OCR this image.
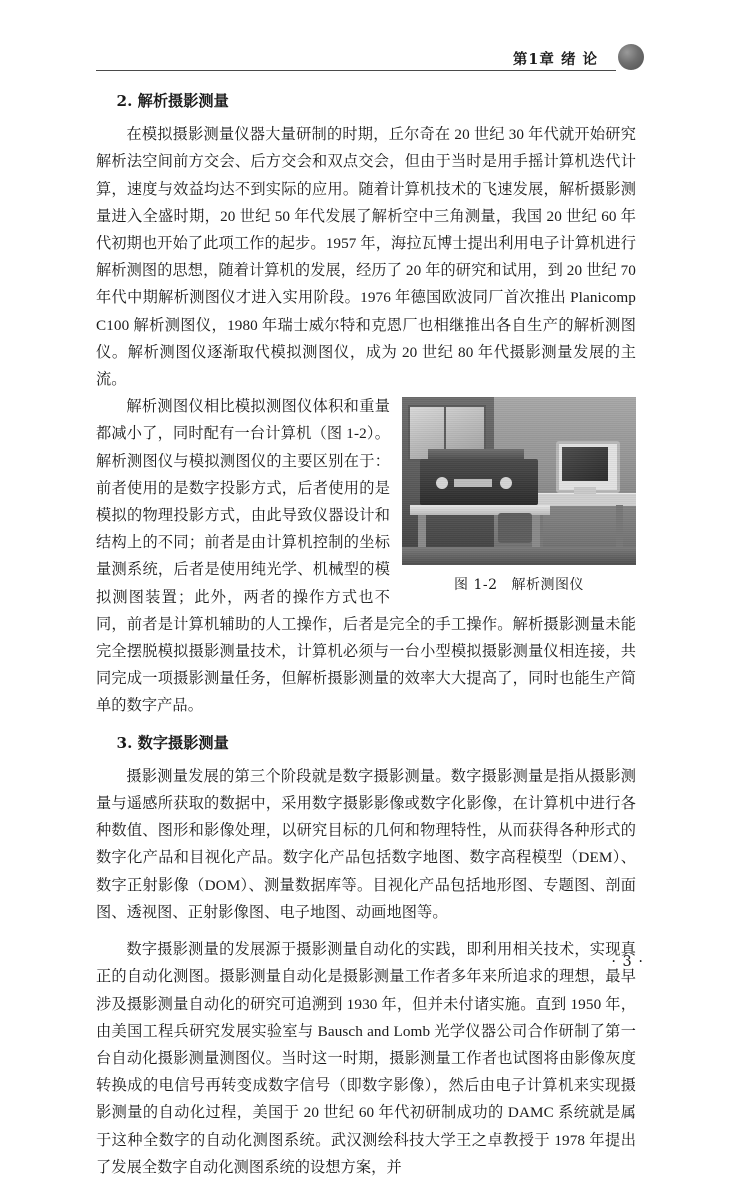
第1章 绪 论
2. 解析摄影测量

在模拟摄影测量仪器大量研制的时期，丘尔奇在 20 世纪 30 年代就开始研究解析法空间前方交会、后方交会和双点交会，但由于当时是用手摇计算机迭代计算，速度与效益均达不到实际的应用。随着计算机技术的飞速发展，解析摄影测量进入全盛时期，20 世纪 50 年代发展了解析空中三角测量，我国 20 世纪 60 年代初期也开始了此项工作的起步。1957 年，海拉瓦博士提出利用电子计算机进行解析测图的思想，随着计算机的发展，经历了 20 年的研究和试用，到 20 世纪 70 年代中期解析测图仪才进入实用阶段。1976 年德国欧波同厂首次推出 Planicomp C100 解析测图仪，1980 年瑞士威尔特和克恩厂也相继推出各自生产的解析测图仪。解析测图仪逐渐取代模拟测图仪，成为 20 世纪 80 年代摄影测量发展的主流。

图 1-2 解析测图仪

解析测图仪相比模拟测图仪体积和重量都减小了，同时配有一台计算机（图 1-2）。解析测图仪与模拟测图仪的主要区别在于：前者使用的是数字投影方式，后者使用的是模拟的物理投影方式，由此导致仪器设计和结构上的不同；前者是由计算机控制的坐标量测系统，后者是使用纯光学、机械型的模拟测图装置；此外，两者的操作方式也不同，前者是计算机辅助的人工操作，后者是完全的手工操作。解析摄影测量未能完全摆脱模拟摄影测量技术，计算机必须与一台小型模拟摄影测量仪相连接，共同完成一项摄影测量任务，但解析摄影测量的效率大大提高了，同时也能生产简单的数字产品。

3. 数字摄影测量

摄影测量发展的第三个阶段就是数字摄影测量。数字摄影测量是指从摄影测量与遥感所获取的数据中，采用数字摄影影像或数字化影像，在计算机中进行各种数值、图形和影像处理，以研究目标的几何和物理特性，从而获得各种形式的数字化产品和目视化产品。数字化产品包括数字地图、数字高程模型（DEM）、数字正射影像（DOM）、测量数据库等。目视化产品包括地形图、专题图、剖面图、透视图、正射影像图、电子地图、动画地图等。

数字摄影测量的发展源于摄影测量自动化的实践，即利用相关技术，实现真正的自动化测图。摄影测量自动化是摄影测量工作者多年来所追求的理想，最早涉及摄影测量自动化的研究可追溯到 1930 年，但并未付诸实施。直到 1950 年，由美国工程兵研究发展实验室与 Bausch and Lomb 光学仪器公司合作研制了第一台自动化摄影测量测图仪。当时这一时期，摄影测量工作者也试图将由影像灰度转换成的电信号再转变成数字信号（即数字影像），然后由电子计算机来实现摄影测量的自动化过程，美国于 20 世纪 60 年代初研制成功的 DAMC 系统就是属于这种全数字的自动化测图系统。武汉测绘科技大学王之卓教授于 1978 年提出了发展全数字自动化测图系统的设想方案，并

· 3 ·
